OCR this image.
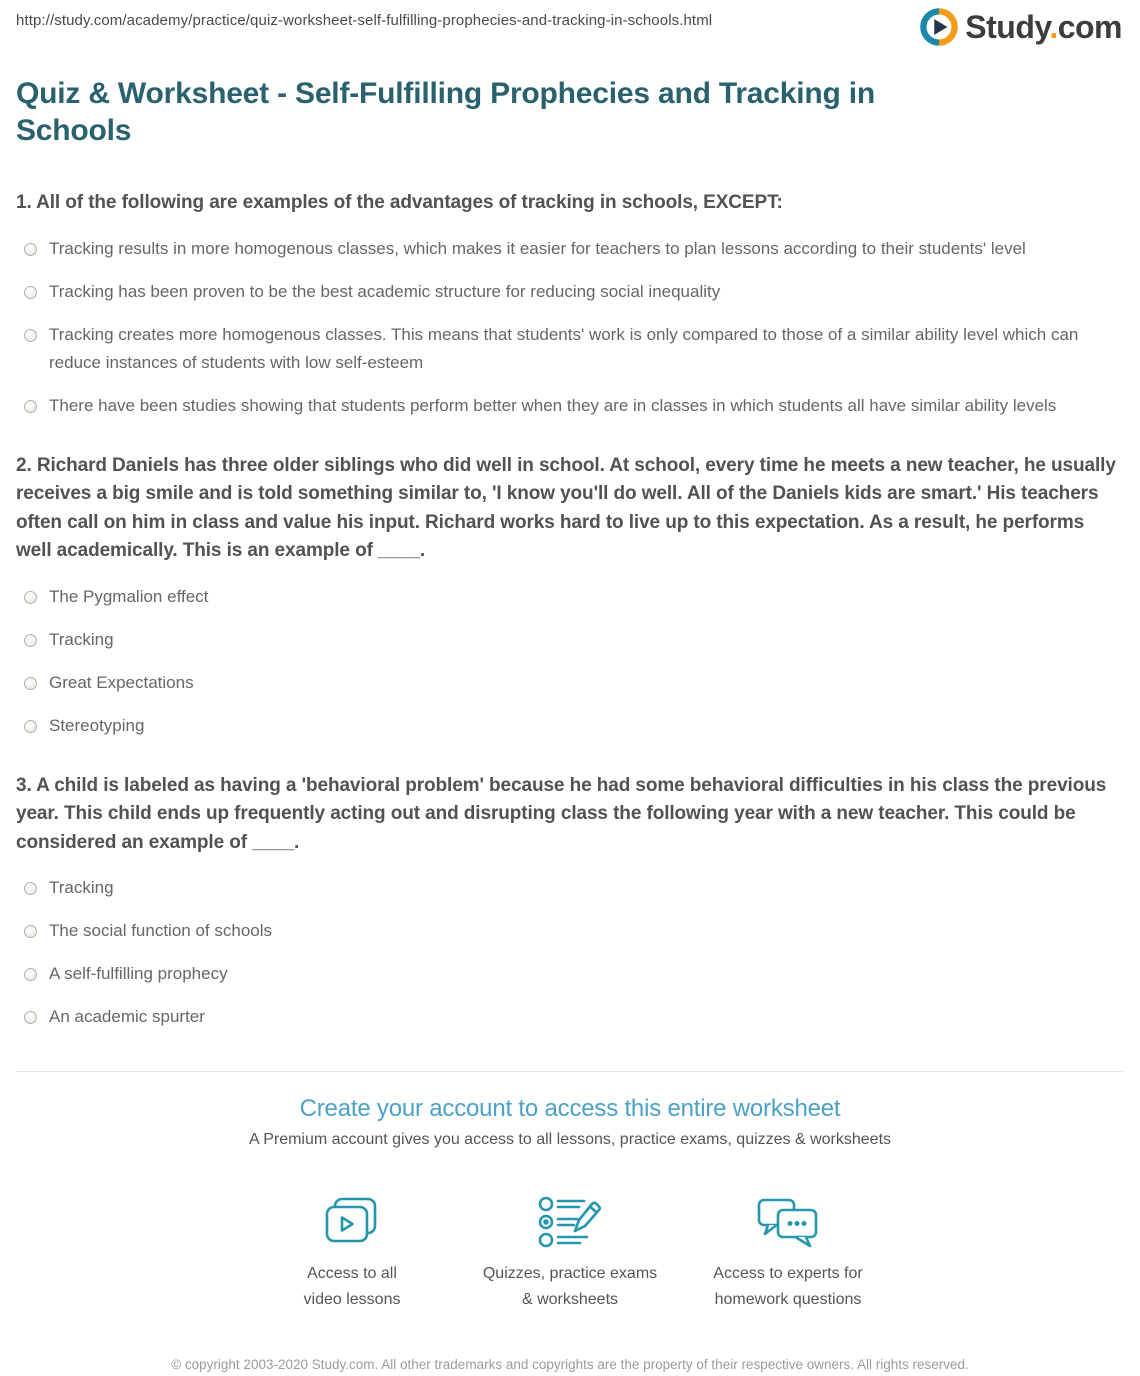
http://study.com/academy/practice/quiz-worksheet-self-fulfilling-prophecies-and-tracking-in-schools.html	Study.com
Quiz & Worksheet - Self-Fulfilling Prophecies and Tracking in Schools
1. All of the following are examples of the advantages of tracking in schools, EXCEPT:
Tracking results in more homogenous classes, which makes it easier for teachers to plan lessons according to their students' level
Tracking has been proven to be the best academic structure for reducing social inequality
Tracking creates more homogenous classes. This means that students' work is only compared to those of a similar ability level which can reduce instances of students with low self-esteem
There have been studies showing that students perform better when they are in classes in which students all have similar ability levels
2. Richard Daniels has three older siblings who did well in school. At school, every time he meets a new teacher, he usually receives a big smile and is told something similar to, 'I know you'll do well. All of the Daniels kids are smart.' His teachers often call on him in class and value his input. Richard works hard to live up to this expectation. As a result, he performs well academically. This is an example of ____.
The Pygmalion effect
Tracking
Great Expectations
Stereotyping
3. A child is labeled as having a 'behavioral problem' because he had some behavioral difficulties in his class the previous year. This child ends up frequently acting out and disrupting class the following year with a new teacher. This could be considered an example of ____.
Tracking
The social function of schools
A self-fulfilling prophecy
An academic spurter
Create your account to access this entire worksheet
A Premium account gives you access to all lessons, practice exams, quizzes & worksheets
Access to all
video lessons
Quizzes, practice exams
& worksheets
Access to experts for
homework questions
© copyright 2003-2020 Study.com. All other trademarks and copyrights are the property of their respective owners. All rights reserved.
